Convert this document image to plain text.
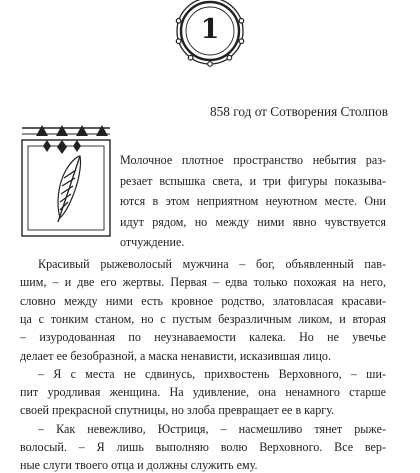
1
858 год от Сотворения Столпов
Молочное плотное пространство небытия раз-
резает вспышка света, и три фигуры показыва-
ются в этом неприятном неуютном месте. Они
идут рядом, но между ними явно чувствуется
отчуждение.
Красивый рыжеволосый мужчина – бог, объявленный пав-
шим, – и две его жертвы. Первая – едва только похожая на него,
словно между ними есть кровное родство, златовласая красави-
ца с тонким станом, но с пустым безразличным ликом, и вторая
– изуродованная по неузнаваемости калека. Но не увечье
делает ее безобразной, а маска ненависти, исказившая лицо.
– Я с места не сдвинусь, прихвостень Верховного, – ши-
пит уродливая женщина. На удивление, она ненамного старше
своей прекрасной спутницы, но злоба превращает ее в каргу.
– Как невежливо, Юстриця, – насмешливо тянет рыже-
волосый. – Я лишь выполняю волю Верховного. Все вер-
ные слуги твоего отца и должны служить ему.
